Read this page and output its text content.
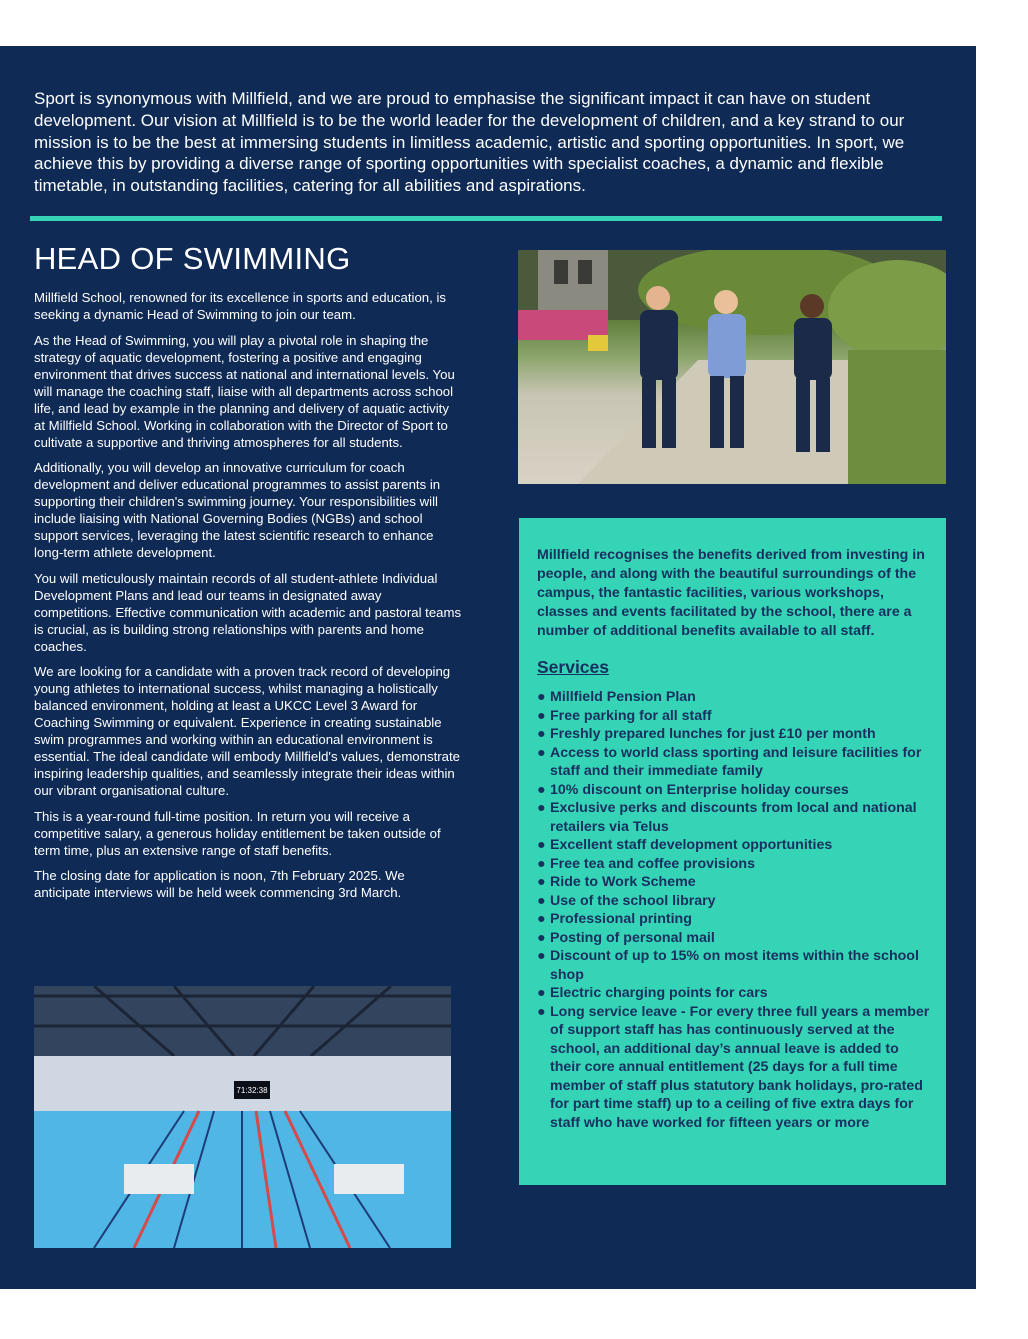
Sport is synonymous with Millfield, and we are proud to emphasise the significant impact it can have on student development. Our vision at Millfield is to be the world leader for the development of children, and a key strand to our mission is to be the best at immersing students in limitless academic, artistic and sporting opportunities. In sport, we achieve this by providing a diverse range of sporting opportunities with specialist coaches, a dynamic and flexible timetable, in outstanding facilities, catering for all abilities and aspirations.

HEAD OF SWIMMING

Millfield School, renowned for its excellence in sports and education, is seeking a dynamic Head of Swimming to join our team.

As the Head of Swimming, you will play a pivotal role in shaping the strategy of aquatic development, fostering a positive and engaging environment that drives success at national and international levels. You will manage the coaching staff, liaise with all departments across school life, and lead by example in the planning and delivery of aquatic activity at Millfield School. Working in collaboration with the Director of Sport to cultivate a supportive and thriving atmospheres for all students.

Additionally, you will develop an innovative curriculum for coach development and deliver educational programmes to assist parents in supporting their children's swimming journey. Your responsibilities will include liaising with National Governing Bodies (NGBs) and school support services, leveraging the latest scientific research to enhance long-term athlete development.

You will meticulously maintain records of all student-athlete Individual Development Plans and lead our teams in designated away competitions. Effective communication with academic and pastoral teams is crucial, as is building strong relationships with parents and home coaches.

We are looking for a candidate with a proven track record of developing young athletes to international success, whilst managing a holistically balanced environment, holding at least a UKCC Level 3 Award for Coaching Swimming or equivalent. Experience in creating sustainable swim programmes and working within an educational environment is essential. The ideal candidate will embody Millfield's values, demonstrate inspiring leadership qualities, and seamlessly integrate their ideas within our vibrant organisational culture.

This is a year-round full-time position. In return you will receive a competitive salary, a generous holiday entitlement be taken outside of term time, plus an extensive range of staff benefits.

The closing date for application is noon, 7th February 2025. We anticipate interviews will be held week commencing 3rd March.

71:32:38

Millfield recognises the benefits derived from investing in people, and along with the beautiful surroundings of the campus, the fantastic facilities, various workshops, classes and events facilitated by the school, there are a number of additional benefits available to all staff.

Services
● Millfield Pension Plan
● Free parking for all staff
● Freshly prepared lunches for just £10 per month
● Access to world class sporting and leisure facilities for staff and their immediate family
● 10% discount on Enterprise holiday courses
● Exclusive perks and discounts from local and national retailers via Telus
● Excellent staff development opportunities
● Free tea and coffee provisions
● Ride to Work Scheme
● Use of the school library
● Professional printing
● Posting of personal mail
● Discount of up to 15% on most items within the school shop
● Electric charging points for cars
● Long service leave - For every three full years a member of support staff has has continuously served at the school, an additional day’s annual leave is added to their core annual entitlement (25 days for a full time member of staff plus statutory bank holidays, pro-rated for part time staff) up to a ceiling of five extra days for staff who have worked for fifteen years or more
